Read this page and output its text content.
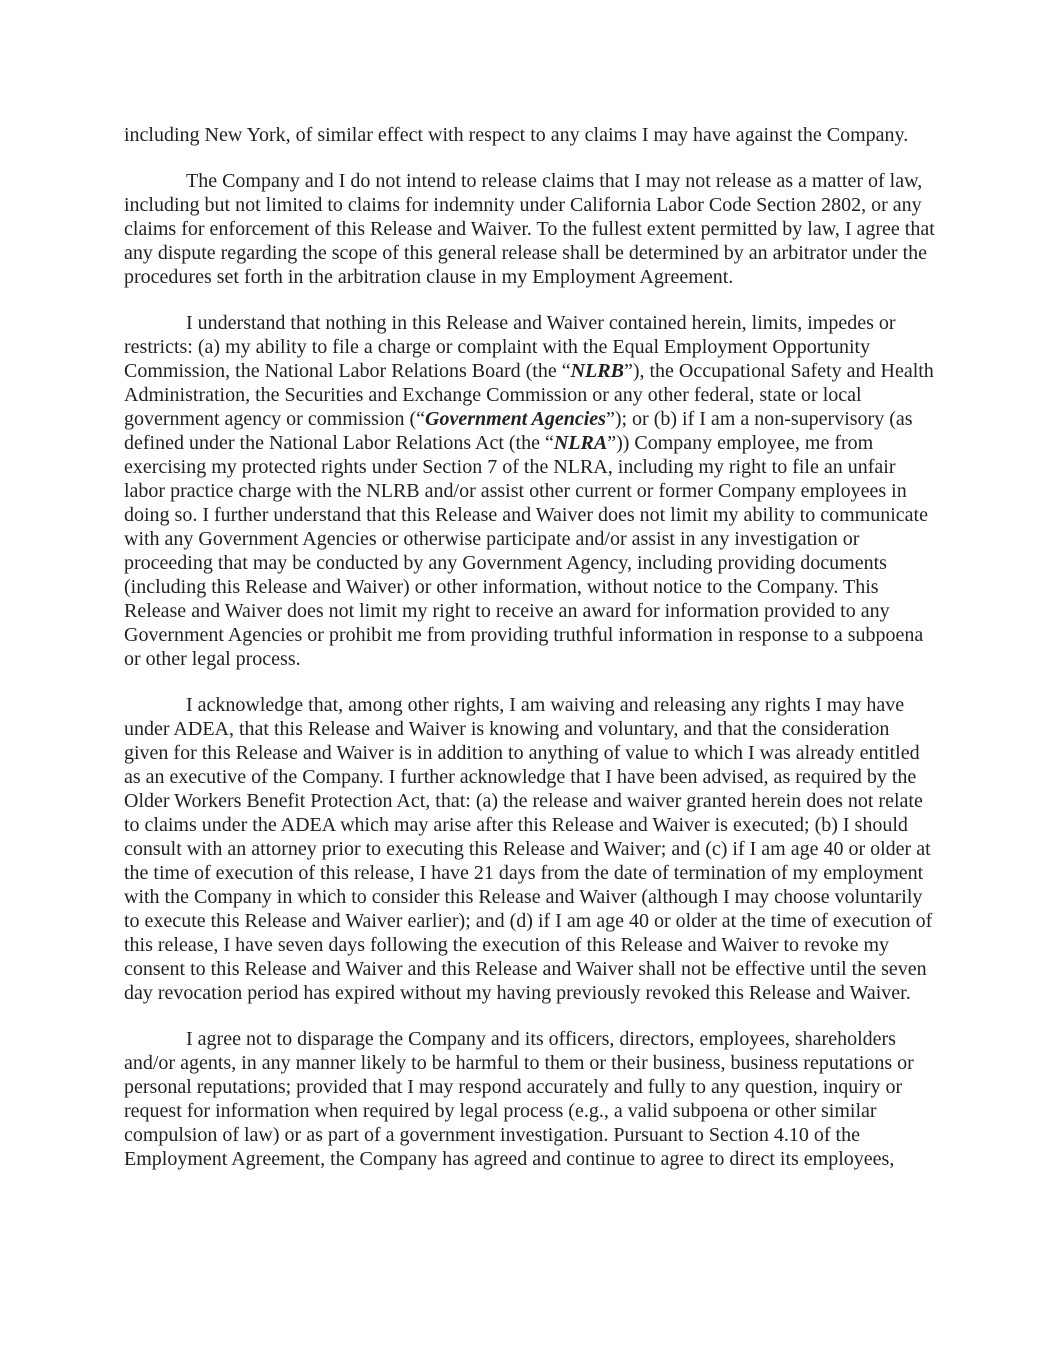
including New York, of similar effect with respect to any claims I may have against the Company.

The Company and I do not intend to release claims that I may not release as a matter of law, including but not limited to claims for indemnity under California Labor Code Section 2802, or any claims for enforcement of this Release and Waiver. To the fullest extent permitted by law, I agree that any dispute regarding the scope of this general release shall be determined by an arbitrator under the procedures set forth in the arbitration clause in my Employment Agreement.

I understand that nothing in this Release and Waiver contained herein, limits, impedes or restricts: (a) my ability to file a charge or complaint with the Equal Employment Opportunity Commission, the National Labor Relations Board (the “NLRB”), the Occupational Safety and Health Administration, the Securities and Exchange Commission or any other federal, state or local government agency or commission (“Government Agencies”); or (b) if I am a non-supervisory (as defined under the National Labor Relations Act (the “NLRA”)) Company employee, me from exercising my protected rights under Section 7 of the NLRA, including my right to file an unfair labor practice charge with the NLRB and/or assist other current or former Company employees in doing so. I further understand that this Release and Waiver does not limit my ability to communicate with any Government Agencies or otherwise participate and/or assist in any investigation or proceeding that may be conducted by any Government Agency, including providing documents (including this Release and Waiver) or other information, without notice to the Company. This Release and Waiver does not limit my right to receive an award for information provided to any Government Agencies or prohibit me from providing truthful information in response to a subpoena or other legal process.

I acknowledge that, among other rights, I am waiving and releasing any rights I may have under ADEA, that this Release and Waiver is knowing and voluntary, and that the consideration given for this Release and Waiver is in addition to anything of value to which I was already entitled as an executive of the Company. I further acknowledge that I have been advised, as required by the Older Workers Benefit Protection Act, that: (a) the release and waiver granted herein does not relate to claims under the ADEA which may arise after this Release and Waiver is executed; (b) I should consult with an attorney prior to executing this Release and Waiver; and (c) if I am age 40 or older at the time of execution of this release, I have 21 days from the date of termination of my employment with the Company in which to consider this Release and Waiver (although I may choose voluntarily to execute this Release and Waiver earlier); and (d) if I am age 40 or older at the time of execution of this release, I have seven days following the execution of this Release and Waiver to revoke my consent to this Release and Waiver and this Release and Waiver shall not be effective until the seven day revocation period has expired without my having previously revoked this Release and Waiver.

I agree not to disparage the Company and its officers, directors, employees, shareholders and/or agents, in any manner likely to be harmful to them or their business, business reputations or personal reputations; provided that I may respond accurately and fully to any question, inquiry or request for information when required by legal process (e.g., a valid subpoena or other similar compulsion of law) or as part of a government investigation. Pursuant to Section 4.10 of the Employment Agreement, the Company has agreed and continue to agree to direct its employees,
